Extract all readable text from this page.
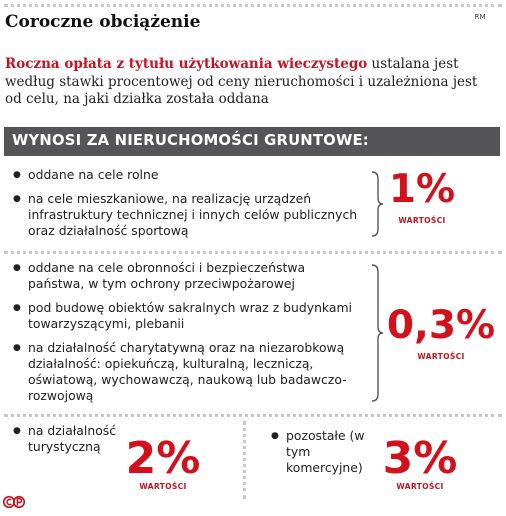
RM
Coroczne obciążenie

Roczna opłata z tytułu użytkowania wieczystego ustalana jest według stawki procentowej od ceny nieruchomości i uzależniona jest od celu, na jaki działka została oddana

WYNOSI ZA NIERUCHOMOŚCI GRUNTOWE:
● oddane na cele rolne
● na cele mieszkaniowe, na realizację urządzeń infrastruktury technicznej i innych celów publicznych oraz działalność sportową
1%
WARTOŚCI
● oddane na cele obronności i bezpieczeństwa państwa, w tym ochrony przeciwpożarowej
● pod budowę obiektów sakralnych wraz z budynkami towarzyszącymi, plebanii
● na działalność charytatywną oraz na niezarobkową działalność: opiekuńczą, kulturalną, leczniczą, oświatową, wychowawczą, naukową lub badawczo-rozwojową
0,3%
WARTOŚCI
● na działalność turystyczną 2%
WARTOŚCI
● pozostałe (w tym komercyjne) 3%
WARTOŚCI
